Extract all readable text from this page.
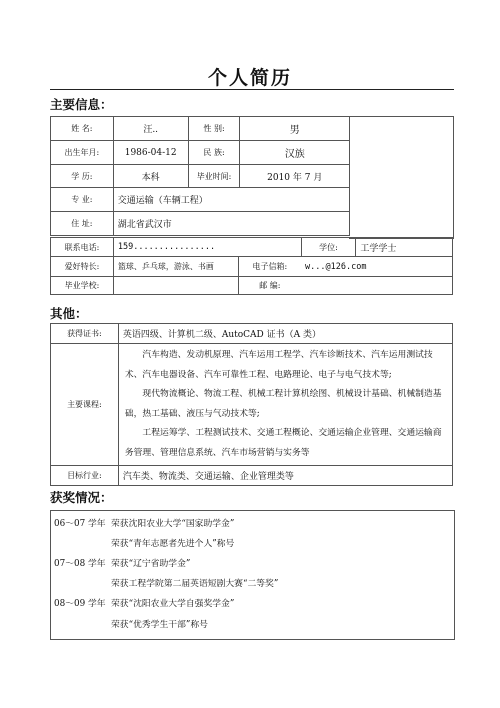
个人简历
主要信息：
姓 名:	汪..	性 别:	男
出生年月:	1986-04-12	民 族:	汉族
学 历:	本科	毕业时间:	2010 年 7 月
专 业:	交通运输（车辆工程）		
住 址:	湖北省武汉市		
联系电话:	159................		学位:	工学学士
爱好特长:	篮球、乒乓球，游泳、书画	电子信箱:	w...@126.com	
毕业学校:		邮 编:		
其他：
获得证书:	英语四级、计算机二级、AutoCAD 证书（A 类）
主要课程:	汽车构造、发动机原理、汽车运用工程学、汽车诊断技术、汽车运用测试技术、汽车电器设备、汽车可靠性工程、电路理论、电子与电气技术等;

现代物流概论、物流工程、机械工程计算机绘图、机械设计基础、机械制造基础，热工基础、液压与气动技术等;

工程运筹学、工程测试技术、交通工程概论、交通运输企业管理、交通运输商务管理、管理信息系统、汽车市场营销与实务等

目标行业:	汽车类、物流类、交通运输、企业管理类等
获奖情况：
06～07 学年 荣获沈阳农业大学“国家助学金”
荣获“青年志愿者先进个人”称号
07～08 学年 荣获“辽宁省助学金”
荣获工程学院第二届英语短剧大赛“二等奖”
08～09 学年 荣获“沈阳农业大学自强奖学金”
荣获“优秀学生干部”称号
